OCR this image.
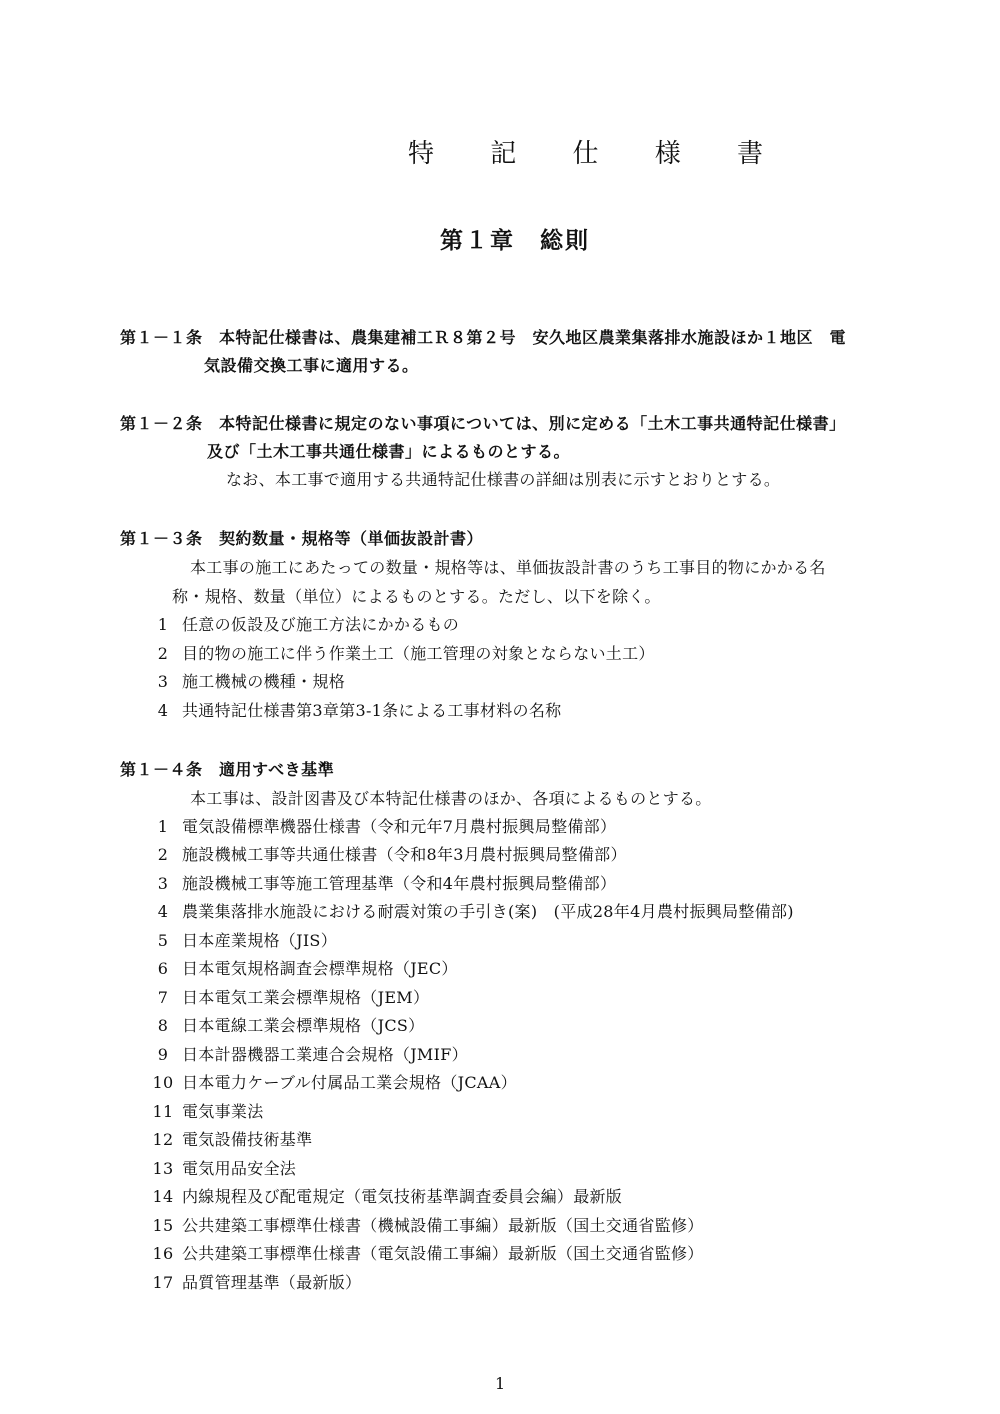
特 記 仕 様 書
第１章　総則
第１－１条　本特記仕様書は、農集建補工Ｒ８第２号　安久地区農業集落排水施設ほか１地区　電
気設備交換工事に適用する。
第１－２条　本特記仕様書に規定のない事項については、別に定める「土木工事共通特記仕様書」
及び「土木工事共通仕様書」によるものとする。
なお、本工事で適用する共通特記仕様書の詳細は別表に示すとおりとする。
第１－３条　契約数量・規格等（単価抜設計書）
本工事の施工にあたっての数量・規格等は、単価抜設計書のうち工事目的物にかかる名
称・規格、数量（単位）によるものとする。ただし、以下を除く。
1 任意の仮設及び施工方法にかかるもの
2 目的物の施工に伴う作業土工（施工管理の対象とならない土工）
3 施工機械の機種・規格
4 共通特記仕様書第3章第3-1条による工事材料の名称
第１－４条　適用すべき基準
本工事は、設計図書及び本特記仕様書のほか、各項によるものとする。
1 電気設備標準機器仕様書（令和元年7月農村振興局整備部）
2 施設機械工事等共通仕様書（令和8年3月農村振興局整備部）
3 施設機械工事等施工管理基準（令和4年農村振興局整備部）
4 農業集落排水施設における耐震対策の手引き(案)　(平成28年4月農村振興局整備部)
5 日本産業規格（JIS）
6 日本電気規格調査会標準規格（JEC）
7 日本電気工業会標準規格（JEM）
8 日本電線工業会標準規格（JCS）
9 日本計器機器工業連合会規格（JMIF）
10 日本電力ケーブル付属品工業会規格（JCAA）
11 電気事業法
12 電気設備技術基準
13 電気用品安全法
14 内線規程及び配電規定（電気技術基準調査委員会編）最新版
15 公共建築工事標準仕様書（機械設備工事編）最新版（国土交通省監修）
16 公共建築工事標準仕様書（電気設備工事編）最新版（国土交通省監修）
17 品質管理基準（最新版）
1
